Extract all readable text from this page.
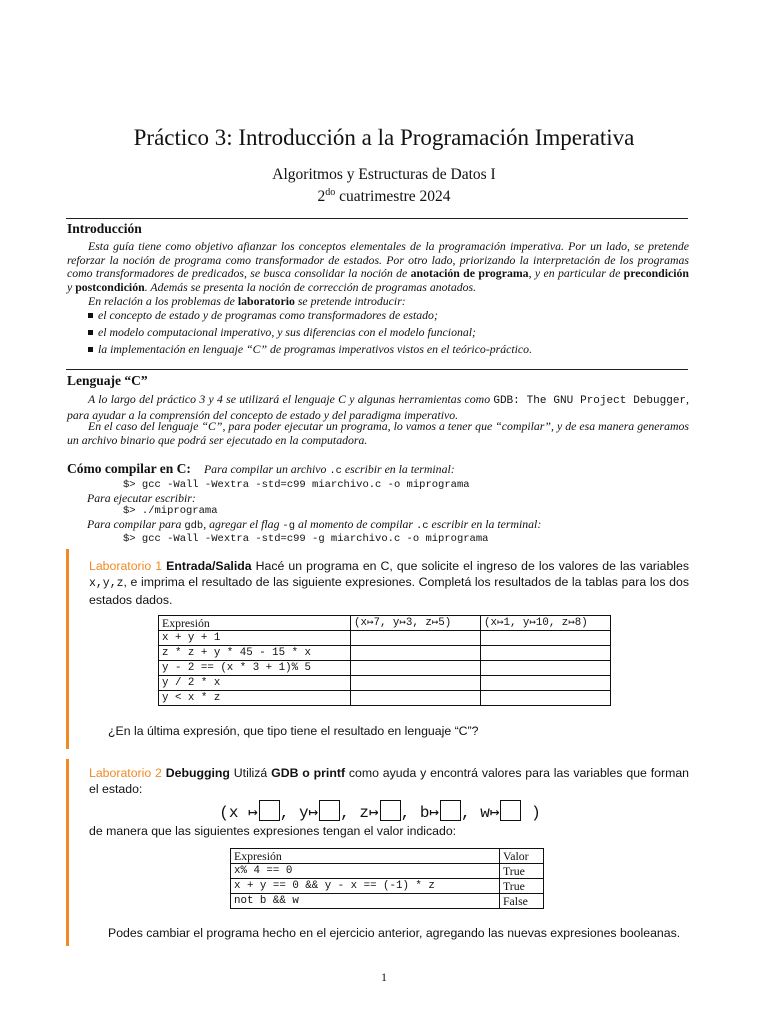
Práctico 3: Introducción a la Programación Imperativa
Algoritmos y Estructuras de Datos I
$2^{do}$ cuatrimestre 2024
Introducción
Esta guía tiene como objetivo afianzar los conceptos elementales de la programación imperativa. Por un lado, se pretende reforzar la noción de programa como transformador de estados. Por otro lado, priorizando la interpretación de los programas como transformadores de predicados, se busca consolidar la noción de anotación de programa, y en particular de precondición y postcondición. Además se presenta la noción de corrección de programas anotados.
En relación a los problemas de laboratorio se pretende introducir:
el concepto de estado y de programas como transformadores de estado;
el modelo computacional imperativo, y sus diferencias con el modelo funcional;
la implementación en lenguaje “C” de programas imperativos vistos en el teórico-práctico.
Lenguaje “C”
A lo largo del práctico 3 y 4 se utilizará el lenguaje C y algunas herramientas como GDB: The GNU Project Debugger, para ayudar a la comprensión del concepto de estado y del paradigma imperativo.
En el caso del lenguaje “C”, para poder ejecutar un programa, lo vamos a tener que “compilar”, y de esa manera generamos un archivo binario que podrá ser ejecutado en la computadora.
Cómo compilar en C: Para compilar un archivo .c escribir en la terminal:
$> gcc -Wall -Wextra -std=c99 miarchivo.c -o miprograma
Para ejecutar escribir:
$> ./miprograma
Para compilar para gdb, agregar el flag -g al momento de compilar .c escribir en la terminal:
$> gcc -Wall -Wextra -std=c99 -g miarchivo.c -o miprograma
Laboratorio 1 Entrada/Salida Hacé un programa en C, que solicite el ingreso de los valores de las variables x,y,z, e imprima el resultado de las siguiente expresiones. Completá los resultados de la tablas para los dos estados dados.
Expresión	(x↦7, y↦3, z↦5)	(x↦1, y↦10, z↦8)
x + y + 1		
z * z + y * 45 - 15 * x		
y - 2 == (x * 3 + 1)% 5		
y / 2 * x		
y < x * z		
¿En la última expresión, que tipo tiene el resultado en lenguaje “C”?
Laboratorio 2 Debugging Utilizá GDB o printf como ayuda y encontrá valores para las variables que forman el estado:
(x ↦ , y↦ , z↦ , b↦ , w↦ )
de manera que las siguientes expresiones tengan el valor indicado:
Expresión	Valor
x% 4 == 0	True
x + y == 0 && y - x == (-1) * z	True
not b && w	False
Podes cambiar el programa hecho en el ejercicio anterior, agregando las nuevas expresiones booleanas.
1
